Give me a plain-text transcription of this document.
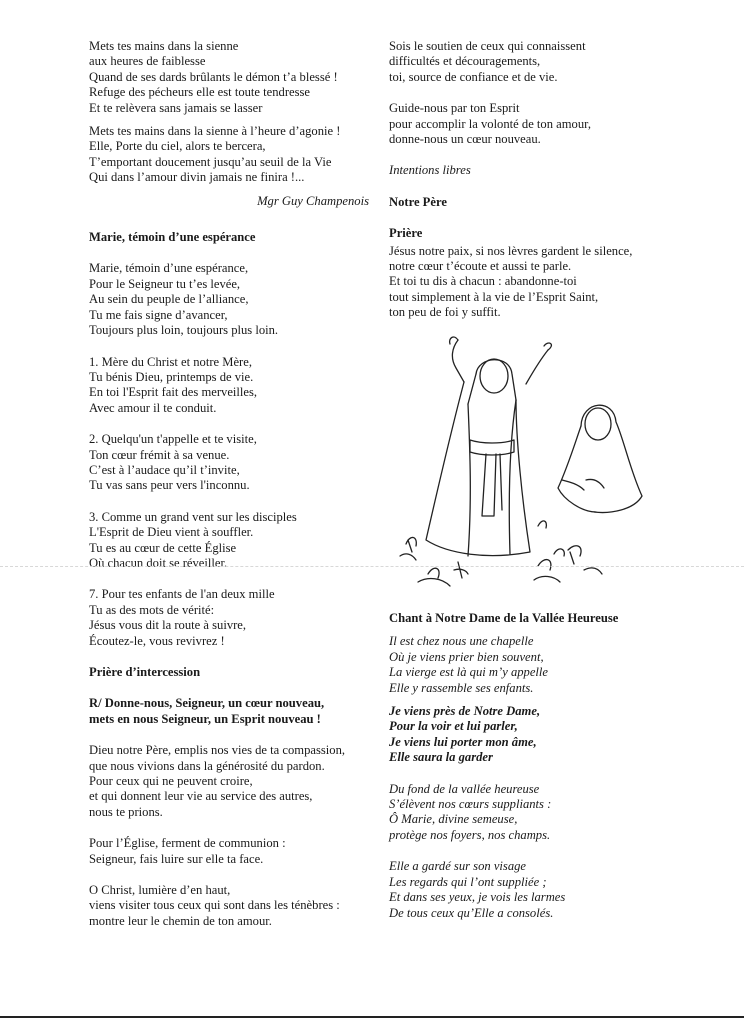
Mets tes mains dans la sienne
aux heures de faiblesse
Quand de ses dards brûlants le démon t’a blessé !
Refuge des pécheurs elle est toute tendresse
Et te relèvera sans jamais se lasser
Mets tes mains dans la sienne à l’heure d’agonie !
Elle, Porte du ciel, alors te bercera,
T’emportant doucement jusqu’au seuil de la Vie
Qui dans l’amour divin jamais ne finira !...
Mgr Guy Champenois
Marie, témoin d’une espérance
Marie, témoin d’une espérance,
Pour le Seigneur tu t’es levée,
Au sein du peuple de l’alliance,
Tu me fais signe d’avancer,
Toujours plus loin, toujours plus loin.
1. Mère du Christ et notre Mère,
Tu bénis Dieu, printemps de vie.
En toi l'Esprit fait des merveilles,
Avec amour il te conduit.
2. Quelqu'un t'appelle et te visite,
Ton cœur frémit à sa venue.
C’est à l’audace qu’il t’invite,
Tu vas sans peur vers l'inconnu.
3. Comme un grand vent sur les disciples
L'Esprit de Dieu vient à souffler.
Tu es au cœur de cette Église
Où chacun doit se réveiller.
7. Pour tes enfants de l'an deux mille
Tu as des mots de vérité:
Jésus vous dit la route à suivre,
Écoutez-le, vous revivrez !
Prière d’intercession
R/ Donne-nous, Seigneur, un cœur nouveau,
mets en nous Seigneur, un Esprit nouveau !
Dieu notre Père, emplis nos vies de ta compassion,
que nous vivions dans la générosité du pardon.
Pour ceux qui ne peuvent croire,
et qui donnent leur vie au service des autres,
nous te prions.
Pour l’Église, ferment de communion :
Seigneur, fais luire sur elle ta face.
O Christ, lumière d’en haut,
viens visiter tous ceux qui sont dans les ténèbres :
montre leur le chemin de ton amour.
Sois le soutien de ceux qui connaissent
difficultés et découragements,
toi, source de confiance et de vie.
Guide-nous par ton Esprit
pour accomplir la volonté de ton amour,
donne-nous un cœur nouveau.
Intentions libres
Notre Père
Prière
Jésus notre paix, si nos lèvres gardent le silence,
notre cœur t’écoute et aussi te parle.
Et toi tu dis à chacun : abandonne-toi
tout simplement à la vie de l’Esprit Saint,
ton peu de foi y suffit.
Chant à Notre Dame de la Vallée Heureuse
Il est chez nous une chapelle
Où je viens prier bien souvent,
La vierge est là qui m’y appelle
Elle y rassemble ses enfants.
Je viens près de Notre Dame,
Pour la voir et lui parler,
Je viens lui porter mon âme,
Elle saura la garder
Du fond de la vallée heureuse
S’élèvent nos cœurs suppliants :
Ô Marie, divine semeuse,
protège nos foyers, nos champs.
Elle a gardé sur son visage
Les regards qui l’ont suppliée ;
Et dans ses yeux, je vois les larmes
De tous ceux qu’Elle a consolés.
